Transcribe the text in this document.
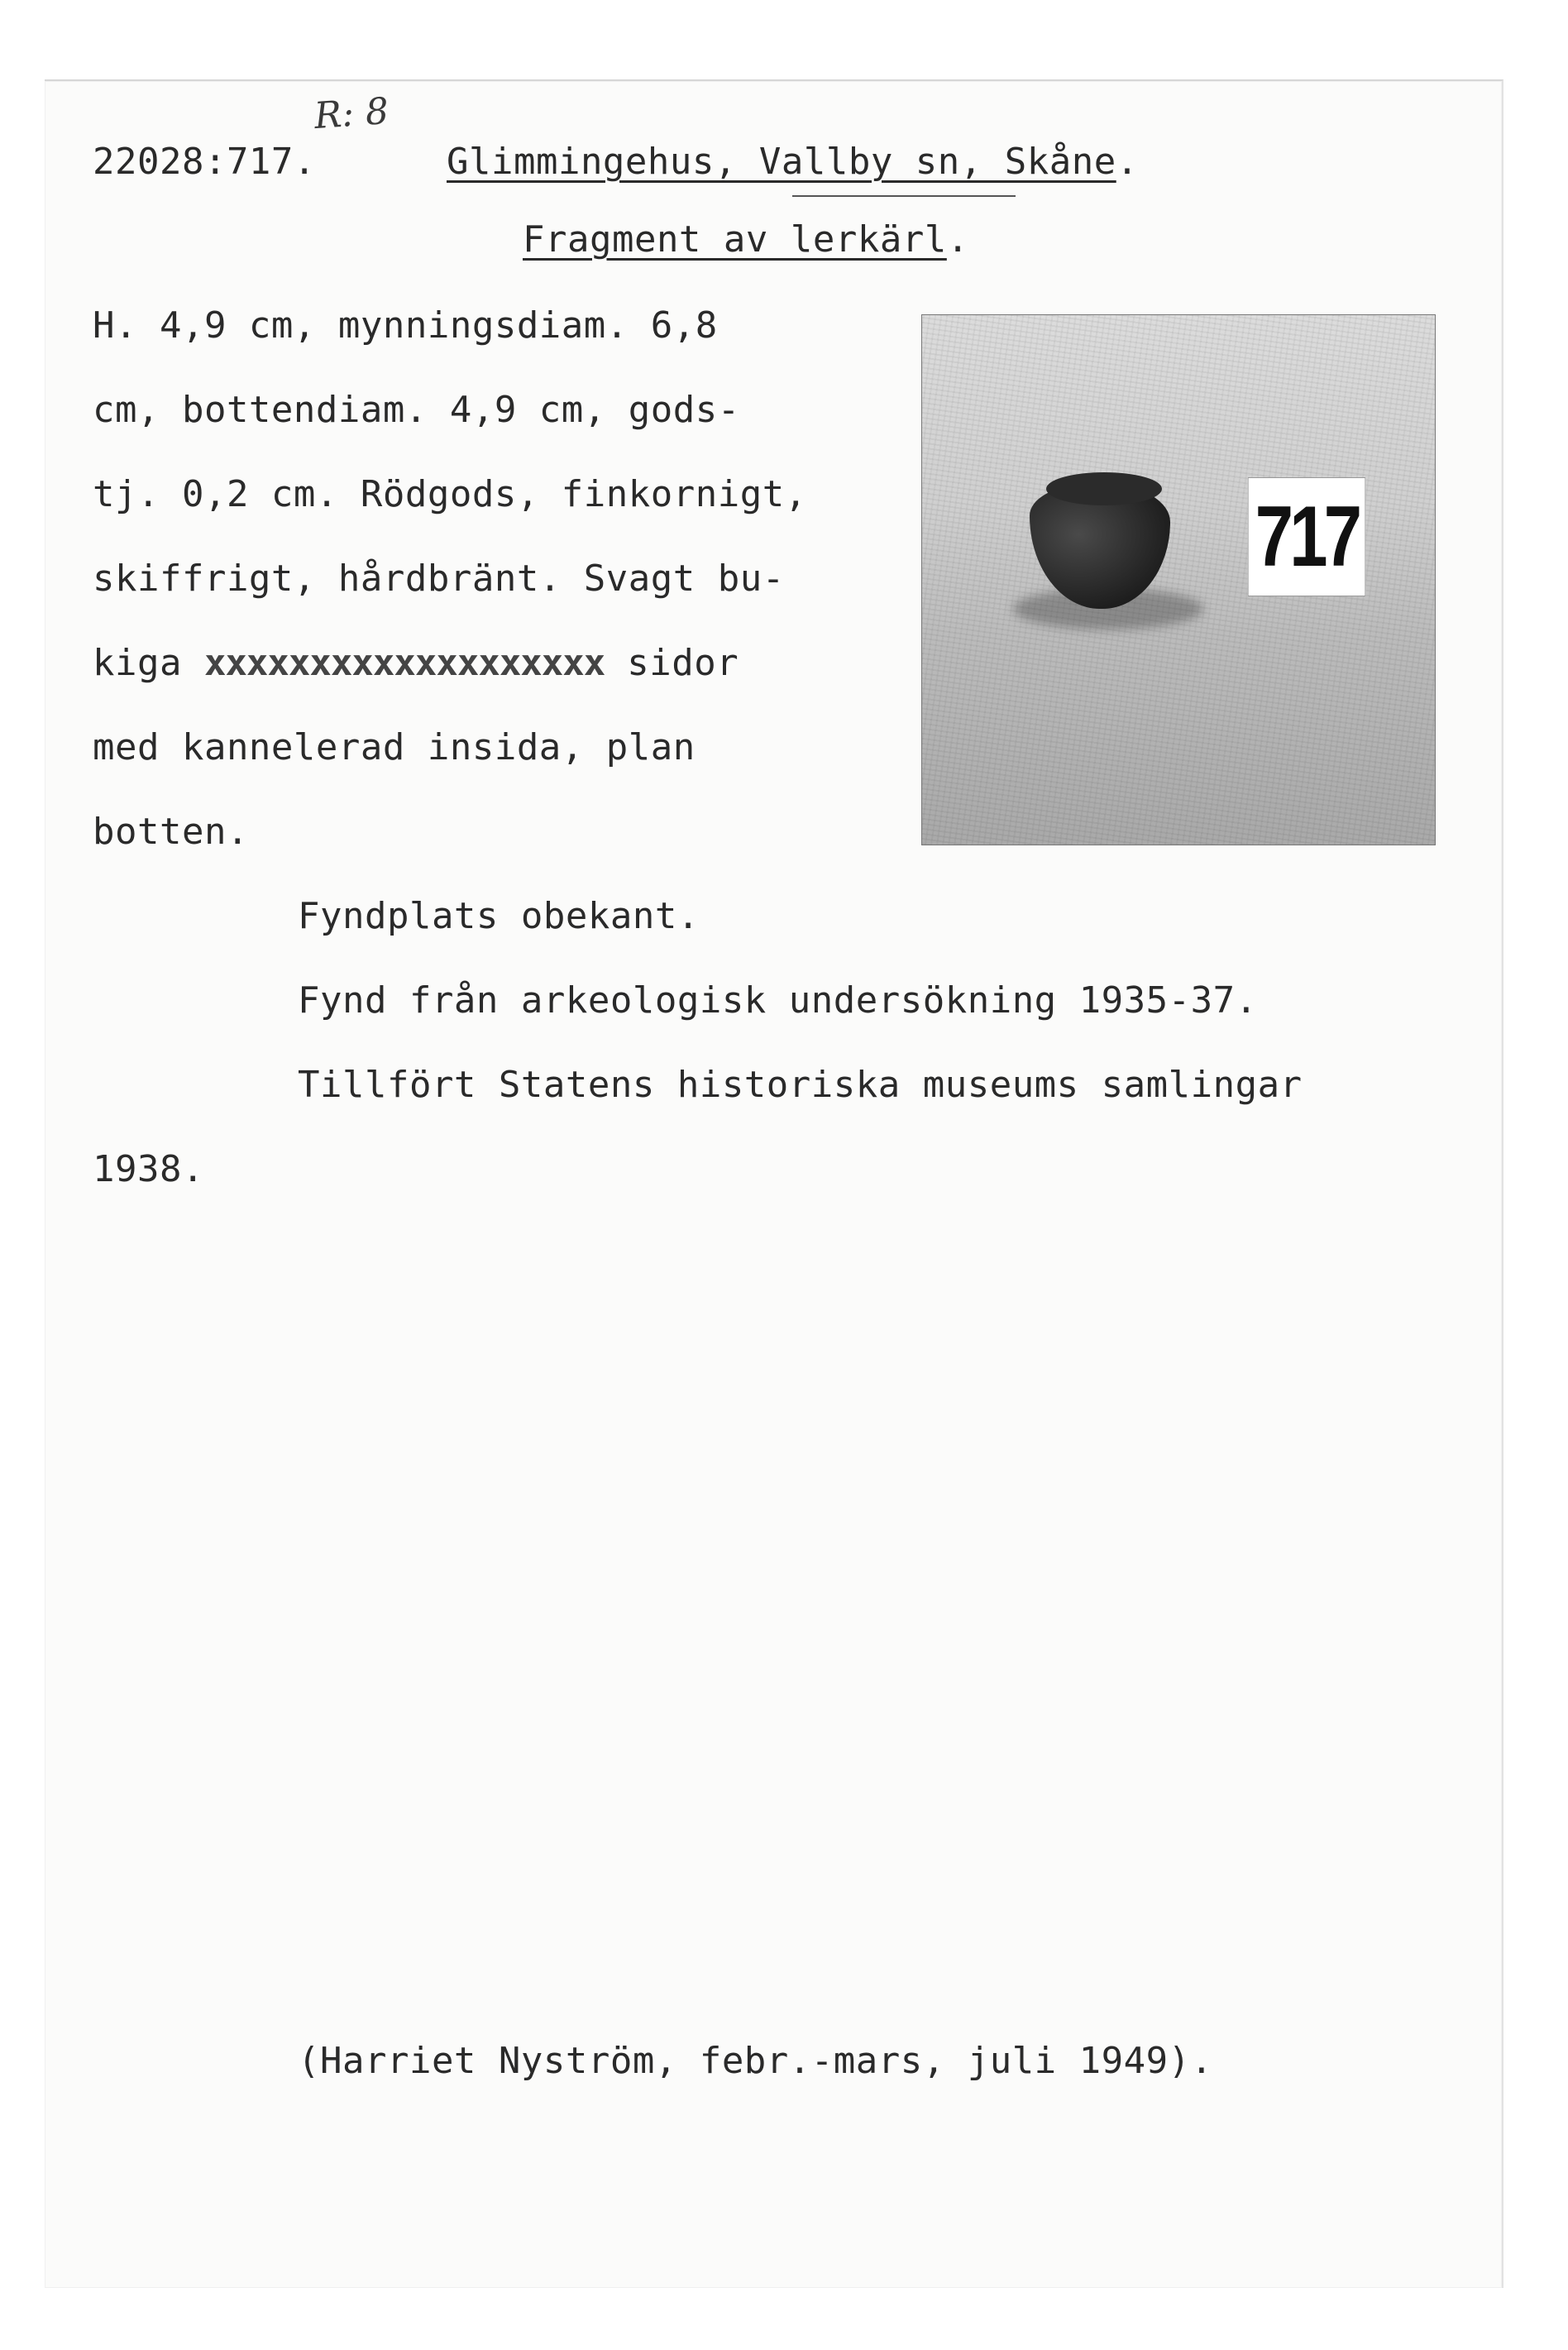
R: 8
22028:717.	Glimmingehus, Vallby sn, Skåne.
Fragment av lerkärl.
H. 4,9 cm, mynningsdiam. 6,8
cm, bottendiam. 4,9 cm, gods-
tj. 0,2 cm. Rödgods, finkornigt,
skiffrigt, hårdbränt. Svagt bu-
kiga xxxxxxxxxxxxxxxxxxx sidor
med kannelerad insida, plan
botten.
717
Fyndplats obekant.
Fynd från arkeologisk undersökning 1935-37.
Tillfört Statens historiska museums samlingar
1938.
(Harriet Nyström, febr.-mars, juli 1949).
